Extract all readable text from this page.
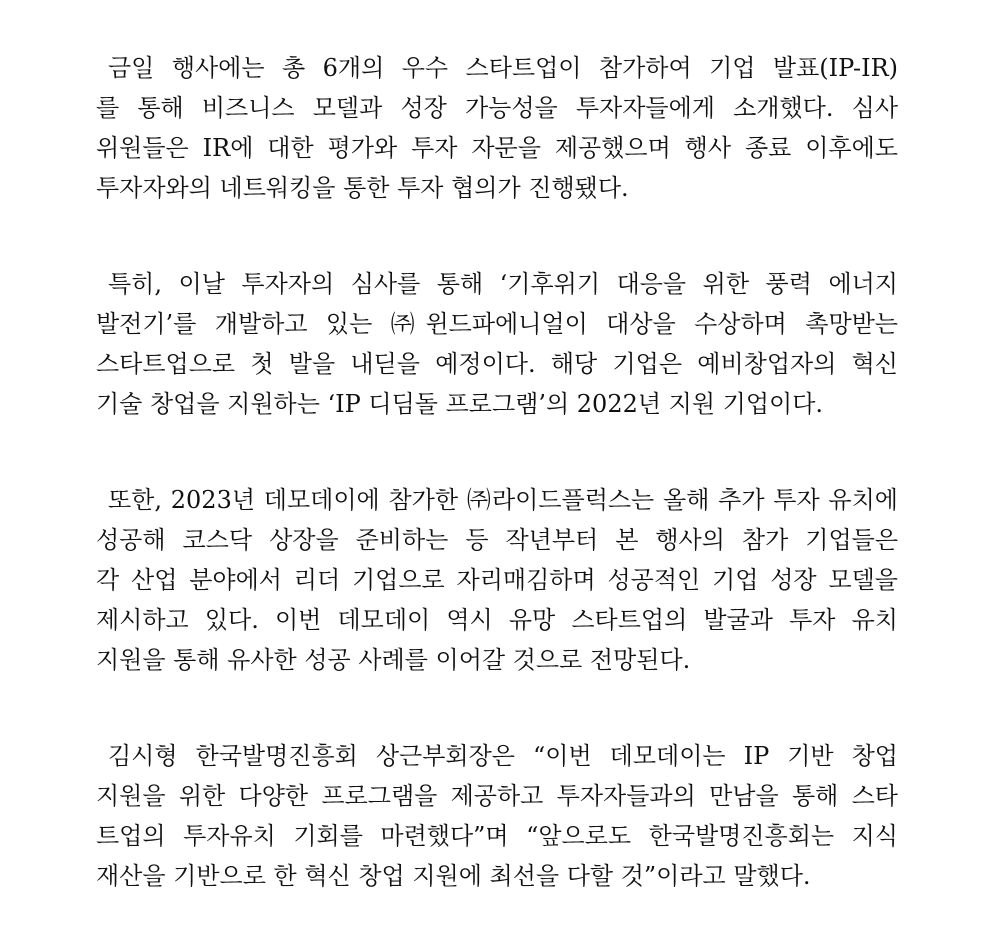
금일 행사에는 총 6개의 우수 스타트업이 참가하여 기업 발표(IP-IR)
를 통해 비즈니스 모델과 성장 가능성을 투자자들에게 소개했다. 심사
위원들은 IR에 대한 평가와 투자 자문을 제공했으며 행사 종료 이후에도
투자자와의 네트워킹을 통한 투자 협의가 진행됐다.
특히, 이날 투자자의 심사를 통해 ‘기후위기 대응을 위한 풍력 에너지
발전기’를 개발하고 있는 ㈜윈드파에니얼이 대상을 수상하며 촉망받는
스타트업으로 첫 발을 내딛을 예정이다. 해당 기업은 예비창업자의 혁신
기술 창업을 지원하는 ‘IP 디딤돌 프로그램’의 2022년 지원 기업이다.
또한, 2023년 데모데이에 참가한 ㈜라이드플럭스는 올해 추가 투자 유치에
성공해 코스닥 상장을 준비하는 등 작년부터 본 행사의 참가 기업들은
각 산업 분야에서 리더 기업으로 자리매김하며 성공적인 기업 성장 모델을
제시하고 있다. 이번 데모데이 역시 유망 스타트업의 발굴과 투자 유치
지원을 통해 유사한 성공 사례를 이어갈 것으로 전망된다.
김시형 한국발명진흥회 상근부회장은 “이번 데모데이는 IP 기반 창업
지원을 위한 다양한 프로그램을 제공하고 투자자들과의 만남을 통해 스타
트업의 투자유치 기회를 마련했다”며 “앞으로도 한국발명진흥회는 지식
재산을 기반으로 한 혁신 창업 지원에 최선을 다할 것”이라고 말했다.
